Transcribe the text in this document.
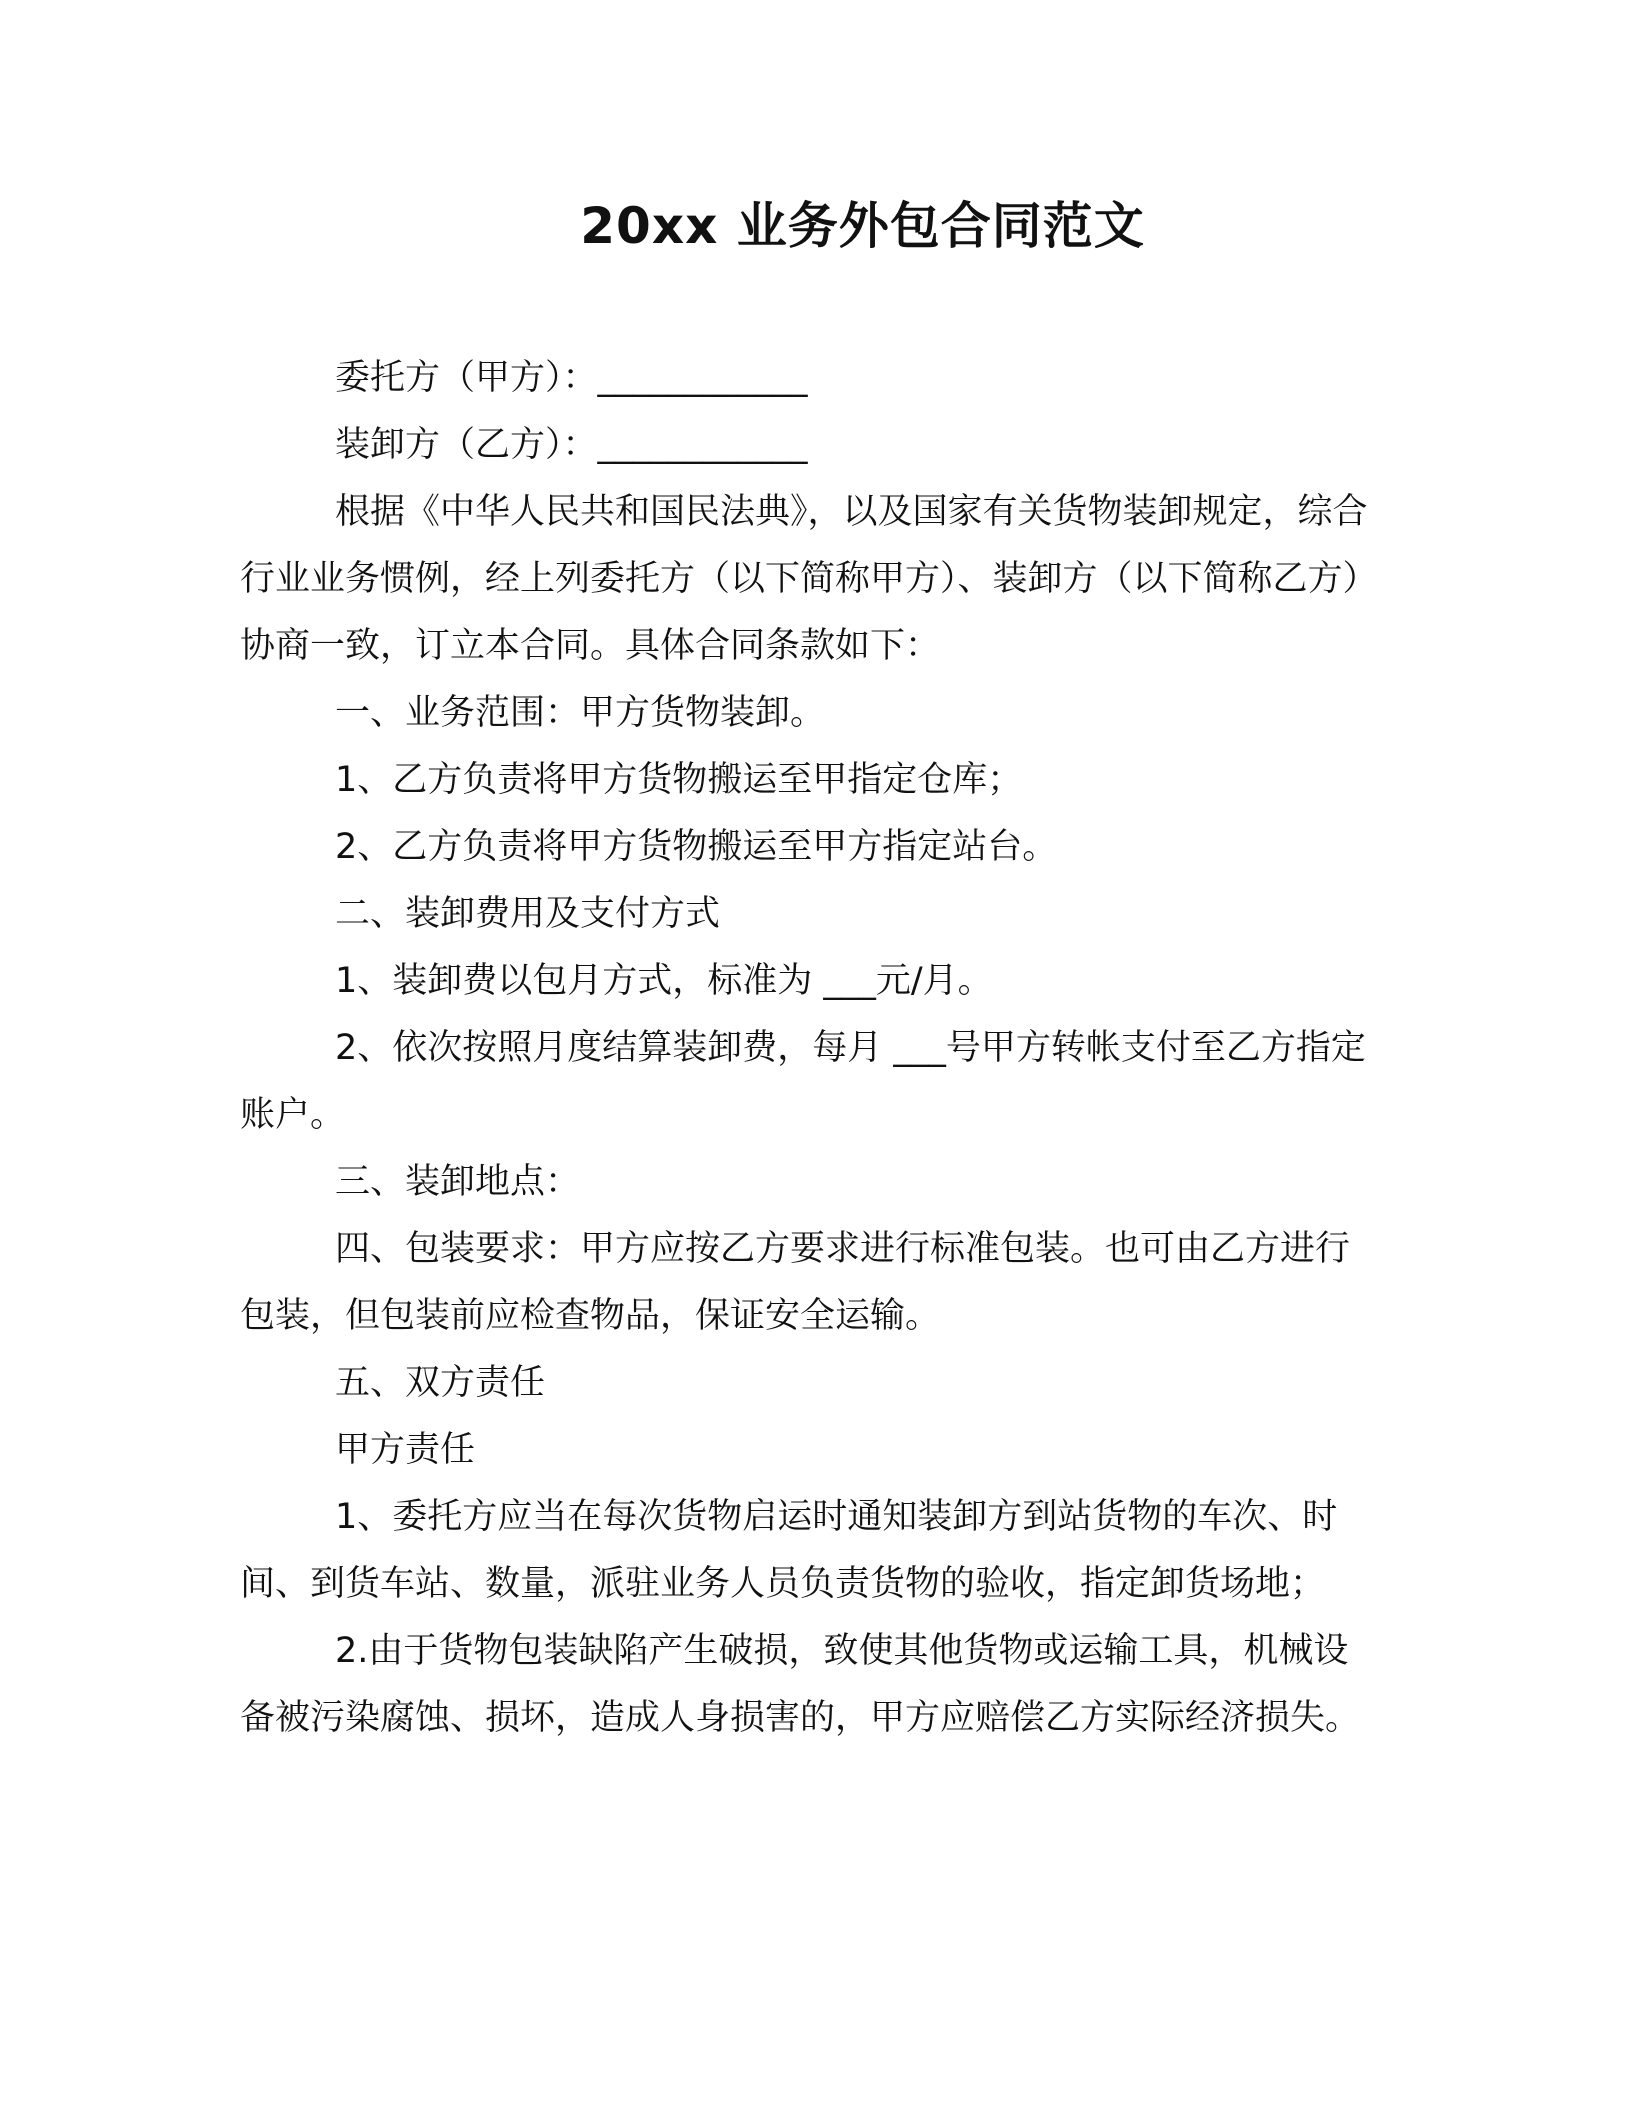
20xx 业务外包合同范文

委托方（甲方）：____________

装卸方（乙方）：____________

根据《中华人民共和国民法典》，以及国家有关货物装卸规定，综合行业业务惯例，经上列委托方（以下简称甲方）、装卸方（以下简称乙方）协商一致，订立本合同。具体合同条款如下：

一、业务范围：甲方货物装卸。

1、乙方负责将甲方货物搬运至甲指定仓库；

2、乙方负责将甲方货物搬运至甲方指定站台。

二、装卸费用及支付方式

1、装卸费以包月方式，标准为 ___元/月。

2、依次按照月度结算装卸费，每月 ___号甲方转帐支付至乙方指定账户。

三、装卸地点：

四、包装要求：甲方应按乙方要求进行标准包装。也可由乙方进行包装，但包装前应检查物品，保证安全运输。

五、双方责任

甲方责任

1、委托方应当在每次货物启运时通知装卸方到站货物的车次、时间、到货车站、数量，派驻业务人员负责货物的验收，指定卸货场地；

2.由于货物包装缺陷产生破损，致使其他货物或运输工具，机械设备被污染腐蚀、损坏，造成人身损害的，甲方应赔偿乙方实际经济损失。
